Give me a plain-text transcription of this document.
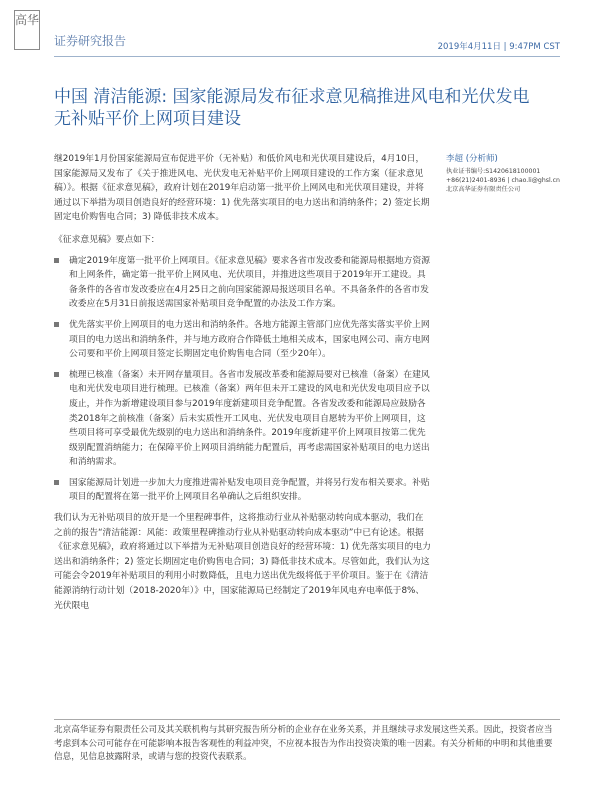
高华
证券研究报告	2019年4月11日 | 9:47PM CST
中国 清洁能源: 国家能源局发布征求意见稿推进风电和光伏发电无补贴平价上网项目建设

继2019年1月份国家能源局宣布促进平价（无补贴）和低价风电和光伏项目建设后，4月10日，国家能源局又发布了《关于推进风电、光伏发电无补贴平价上网项目建设的工作方案（征求意见稿）》。根据《征求意见稿》，政府计划在2019年启动第一批平价上网风电和光伏项目建设，并将通过以下举措为项目创造良好的经营环境：1) 优先落实项目的电力送出和消纳条件；2) 签定长期固定电价购售电合同；3) 降低非技术成本。

《征求意见稿》要点如下：

确定2019年度第一批平价上网项目。《征求意见稿》要求各省市发改委和能源局根据地方资源和上网条件，确定第一批平价上网风电、光伏项目，并推进这些项目于2019年开工建设。具备条件的各省市发改委应在4月25日之前向国家能源局报送项目名单。不具备条件的各省市发改委应在5月31日前报送需国家补贴项目竞争配置的办法及工作方案。
优先落实平价上网项目的电力送出和消纳条件。各地方能源主管部门应优先落实落实平价上网项目的电力送出和消纳条件，并与地方政府合作降低土地相关成本，国家电网公司、南方电网公司要和平价上网项目签定长期固定电价购售电合同（至少20年）。
梳理已核准（备案）未开网存量项目。各省市发展改革委和能源局要对已核准（备案）在建风电和光伏发电项目进行梳理。已核准（备案）两年但未开工建设的风电和光伏发电项目应予以废止，并作为新增建设项目参与2019年度新建项目竞争配置。各省发改委和能源局应鼓励各类2018年之前核准（备案）后未实质性开工风电、光伏发电项目自愿转为平价上网项目，这些项目将可享受最优先级别的电力送出和消纳条件。2019年度新建平价上网项目按第二优先级别配置消纳能力；在保障平价上网项目消纳能力配置后，再考虑需国家补贴项目的电力送出和消纳需求。
国家能源局计划进一步加大力度推进需补贴发电项目竞争配置，并将另行发布相关要求。补贴项目的配置将在第一批平价上网项目名单确认之后组织安排。

我们认为无补贴项目的放开是一个里程碑事件，这将推动行业从补贴驱动转向成本驱动，我们在之前的报告“清洁能源：风能：政策里程碑推动行业从补贴驱动转向成本驱动”中已有论述。根据《征求意见稿》，政府将通过以下举措为无补贴项目创造良好的经营环境：1) 优先落实项目的电力送出和消纳条件；2) 签定长期固定电价购售电合同；3) 降低非技术成本。尽管如此，我们认为这可能会令2019年补贴项目的利用小时数降低，且电力送出优先级将低于平价项目。鉴于在《清洁能源消纳行动计划（2018-2020年）》中，国家能源局已经制定了2019年风电弃电率低于8%、光伏限电

李超 (分析师)
执业证书编号:S1420618100001
+86(21)2401-8936 | chao.li@ghsl.cn
北京高华证券有限责任公司
北京高华证券有限责任公司及其关联机构与其研究报告所分析的企业存在业务关系，并且继续寻求发展这些关系。因此，投资者应当考虑到本公司可能存在可能影响本报告客观性的利益冲突，不应视本报告为作出投资决策的唯一因素。有关分析师的申明和其他重要信息，见信息披露附录，或请与您的投资代表联系。
